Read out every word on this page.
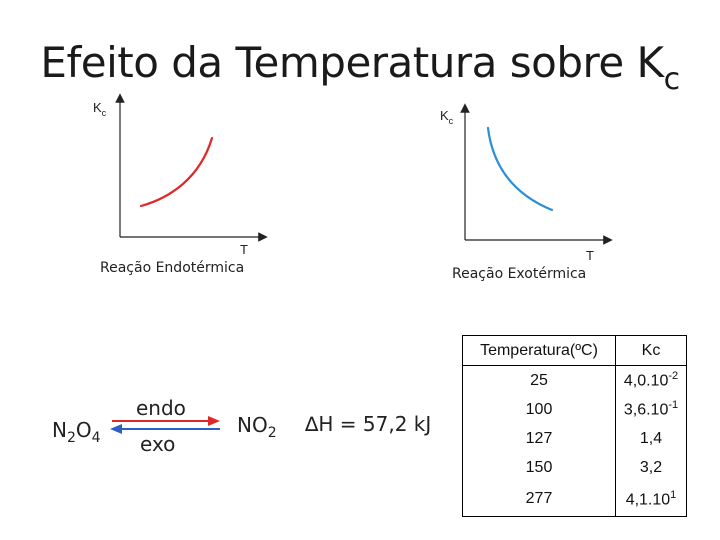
Efeito da Temperatura sobre $K_c$
$K_c$
T
Reação Endotérmica
$K_c$
T
Reação Exotérmica
$N_2O_4$
endo
exo
$NO_2$ ∆H = 57,2 kJ
Temperatura(ºC)	Kc
25	$4,0.10^{-2}$
100	$3,6.10^{-1}$
127	1,4
150	3,2
277	4,1.10$^1$
